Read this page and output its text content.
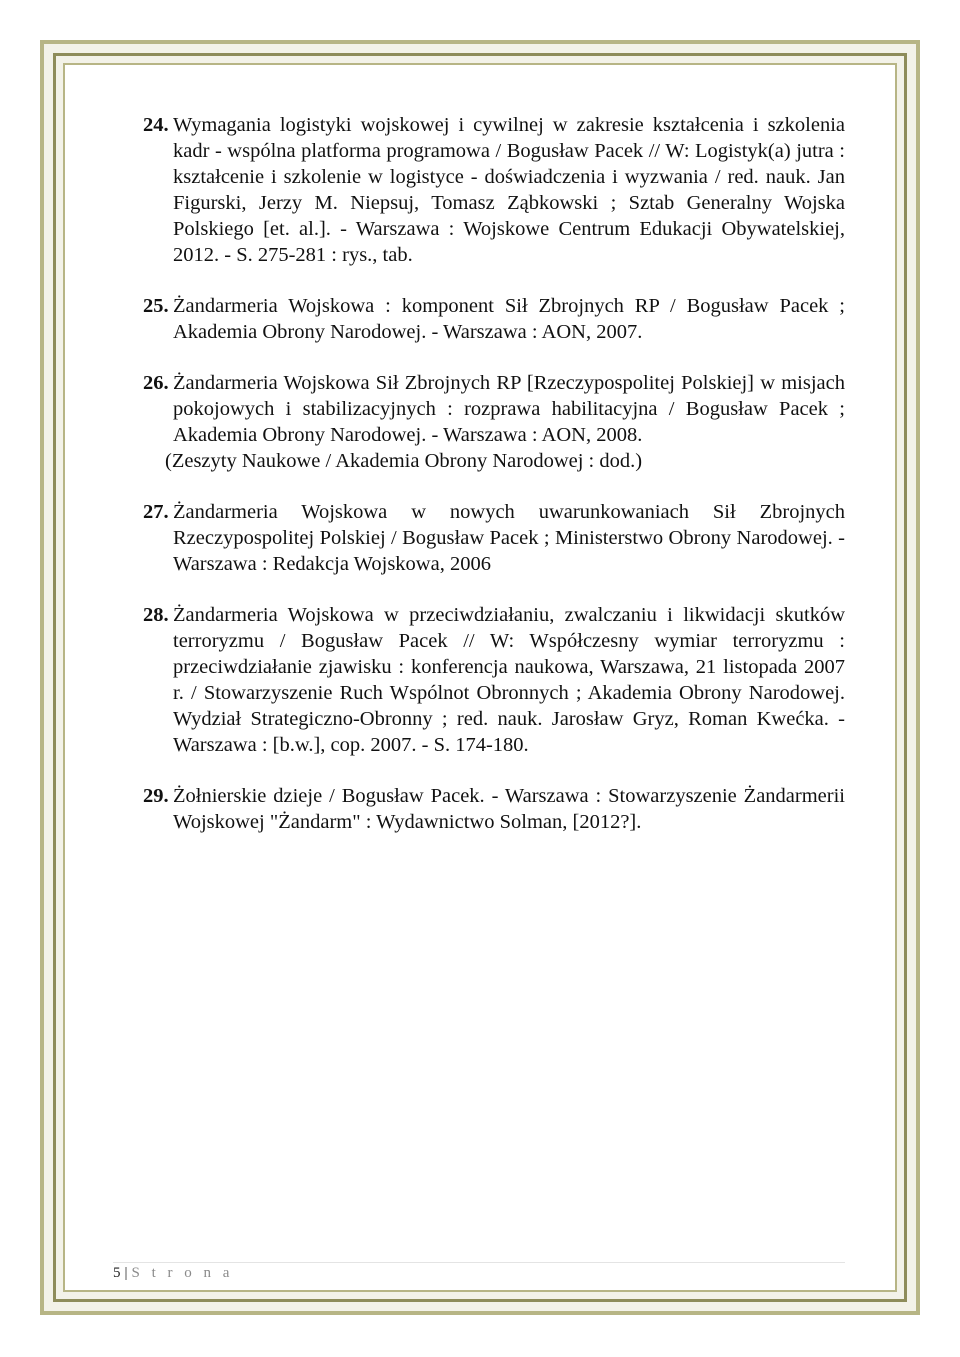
24. Wymagania logistyki wojskowej i cywilnej w zakresie kształcenia i szkolenia kadr - wspólna platforma programowa / Bogusław Pacek // W: Logistyk(a) jutra : kształcenie i szkolenie w logistyce - doświadczenia i wyzwania / red. nauk. Jan Figurski, Jerzy M. Niepsuj, Tomasz Ząbkowski ; Sztab Generalny Wojska Polskiego [et. al.]. - Warszawa : Wojskowe Centrum Edukacji Obywatelskiej, 2012. - S. 275-281 : rys., tab.
25. Żandarmeria Wojskowa : komponent Sił Zbrojnych RP / Bogusław Pacek ; Akademia Obrony Narodowej. - Warszawa : AON, 2007.
26. Żandarmeria Wojskowa Sił Zbrojnych RP [Rzeczypospolitej Polskiej] w misjach pokojowych i stabilizacyjnych : rozprawa habilitacyjna / Bogusław Pacek ; Akademia Obrony Narodowej. - Warszawa : AON, 2008.
(Zeszyty Naukowe / Akademia Obrony Narodowej : dod.)
27. Żandarmeria Wojskowa w nowych uwarunkowaniach Sił Zbrojnych Rzeczypospolitej Polskiej / Bogusław Pacek ; Ministerstwo Obrony Narodowej. - Warszawa : Redakcja Wojskowa, 2006
28. Żandarmeria Wojskowa w przeciwdziałaniu, zwalczaniu i likwidacji skutków terroryzmu / Bogusław Pacek // W: Współczesny wymiar terroryzmu : przeciwdziałanie zjawisku : konferencja naukowa, Warszawa, 21 listopada 2007 r. / Stowarzyszenie Ruch Wspólnot Obronnych ; Akademia Obrony Narodowej. Wydział Strategiczno-Obronny ; red. nauk. Jarosław Gryz, Roman Kwećka. - Warszawa : [b.w.], cop. 2007. - S. 174-180.
29. Żołnierskie dzieje / Bogusław Pacek. - Warszawa : Stowarzyszenie Żandarmerii Wojskowej "Żandarm" : Wydawnictwo Solman, [2012?].
5 | S t r o n a
